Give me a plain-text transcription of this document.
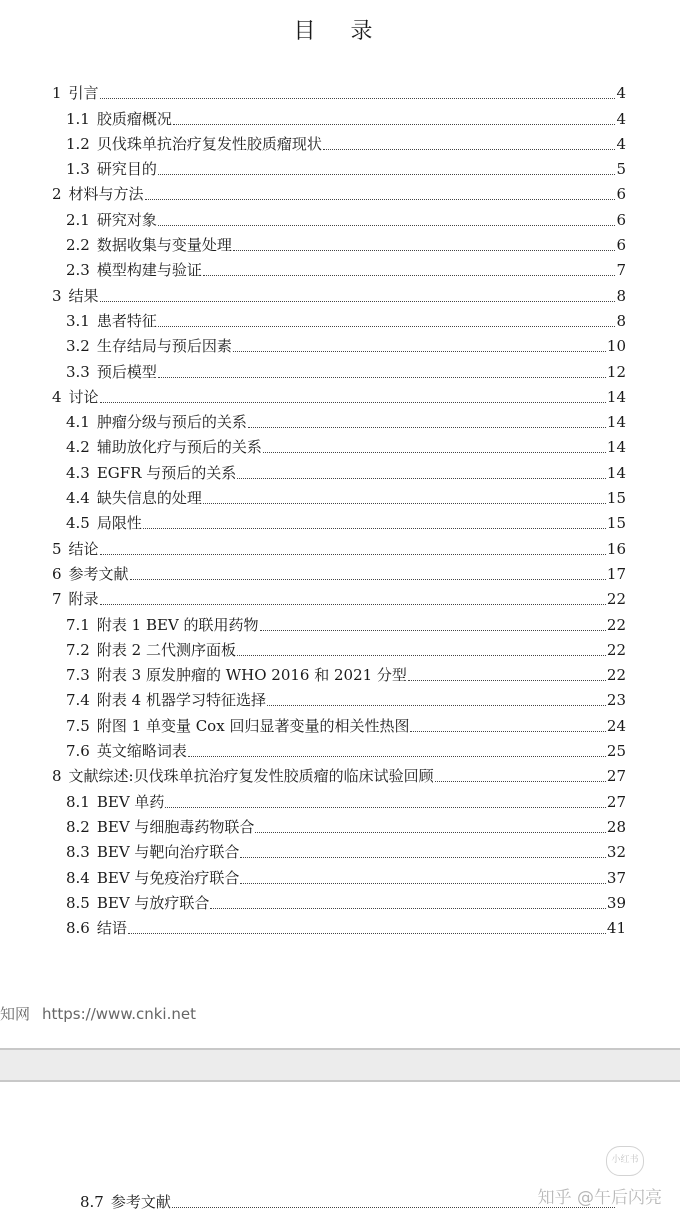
目 录
1 引言	4
1.1 胶质瘤概况	4
1.2 贝伐珠单抗治疗复发性胶质瘤现状	4
1.3 研究目的	5
2 材料与方法	6
2.1 研究对象	6
2.2 数据收集与变量处理	6
2.3 模型构建与验证	7
3 结果	8
3.1 患者特征	8
3.2 生存结局与预后因素	10
3.3 预后模型	12
4 讨论	14
4.1 肿瘤分级与预后的关系	14
4.2 辅助放化疗与预后的关系	14
4.3 EGFR 与预后的关系	14
4.4 缺失信息的处理	15
4.5 局限性	15
5 结论	16
6 参考文献	17
7 附录	22
7.1 附表 1 BEV 的联用药物	22
7.2 附表 2 二代测序面板	22
7.3 附表 3 原发肿瘤的 WHO 2016 和 2021 分型	22
7.4 附表 4 机器学习特征选择	23
7.5 附图 1 单变量 Cox 回归显著变量的相关性热图	24
7.6 英文缩略词表	25
8 文献综述:贝伐珠单抗治疗复发性胶质瘤的临床试验回顾	27
8.1 BEV 单药	27
8.2 BEV 与细胞毒药物联合	28
8.3 BEV 与靶向治疗联合	32
8.4 BEV 与免疫治疗联合	37
8.5 BEV 与放疗联合	39
8.6 结语	41
知网 https://www.cnki.net
8.7 参考文献
小红书
知乎 @午后闪亮
